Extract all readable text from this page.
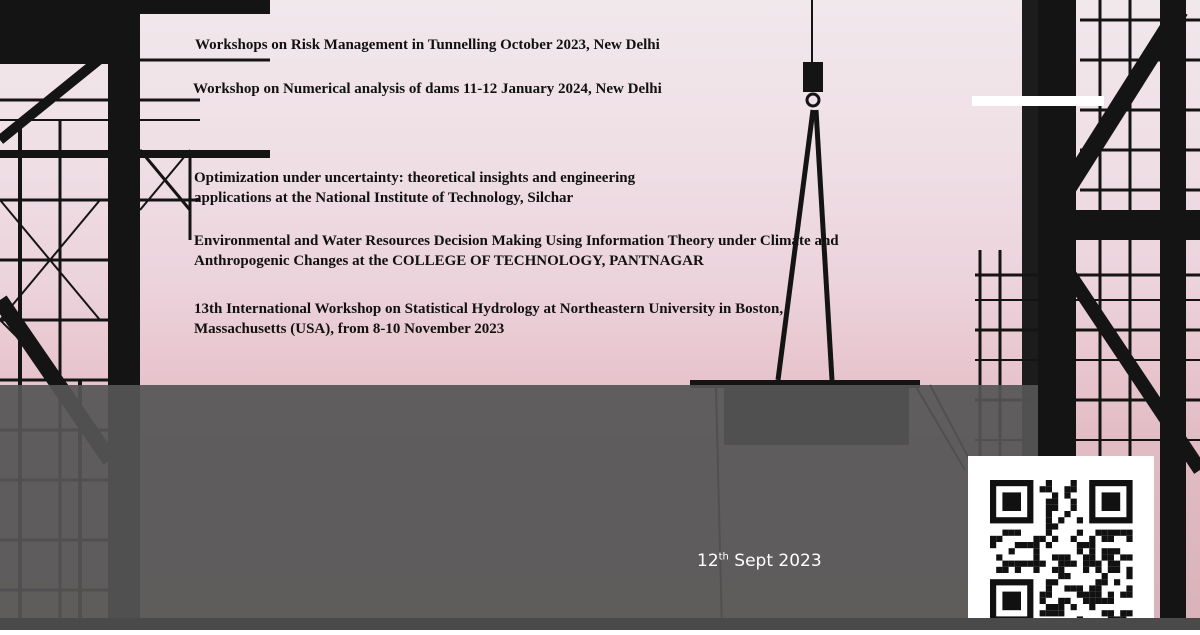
Workshops on Risk Management in Tunnelling October 2023, New Delhi
Workshop on Numerical analysis of dams 11-12 January 2024, New Delhi
Optimization under uncertainty: theoretical insights and engineering
applications at the National Institute of Technology, Silchar
Environmental and Water Resources Decision Making Using Information Theory under Climate and
Anthropogenic Changes at the COLLEGE OF TECHNOLOGY, PANTNAGAR
13th International Workshop on Statistical Hydrology at Northeastern University in Boston,
Massachusetts (USA), from 8-10 November 2023
12th Sept 2023
